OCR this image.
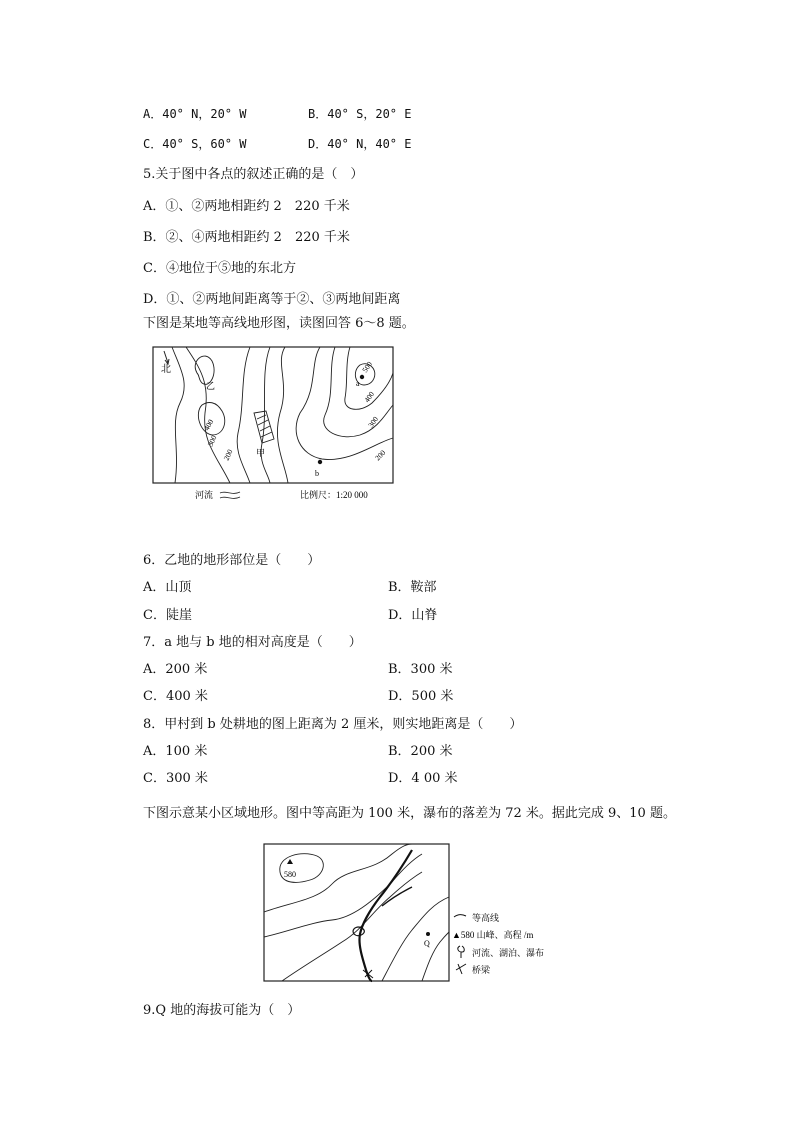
A．40° N，20° W	B．40° S，20° E
C．40° S，60° W	D．40° N，40° E
5.关于图中各点的叙述正确的是（　）
A．①、②两地相距约 2　220 千米
B．②、④两地相距约 2　220 千米
C．④地位于⑤地的东北方
D．①、②两地间距离等于②、③两地间距离
下图是某地等高线地形图，读图回答 6～8 题。
北
a
b
乙
甲
500
400
400
300
300
200	200
河流	比例尺：1:20 000
6．乙地的地形部位是（　　）
A．山顶	B．鞍部
C．陡崖	D．山脊
7．a 地与 b 地的相对高度是（　　）
A．200 米	B．300 米
C．400 米	D．500 米
8．甲村到 b 处耕地的图上距离为 2 厘米，则实地距离是（　　）
A．100 米	B．200 米
C．300 米	D．4 00 米
下图示意某小区域地形。图中等高距为 100 米，瀑布的落差为 72 米。据此完成 9、10 题。
580
Q
等高线
▲580 山峰、高程 /m
河流、湖泊、瀑布
桥梁
9.Q 地的海拔可能为（　）
